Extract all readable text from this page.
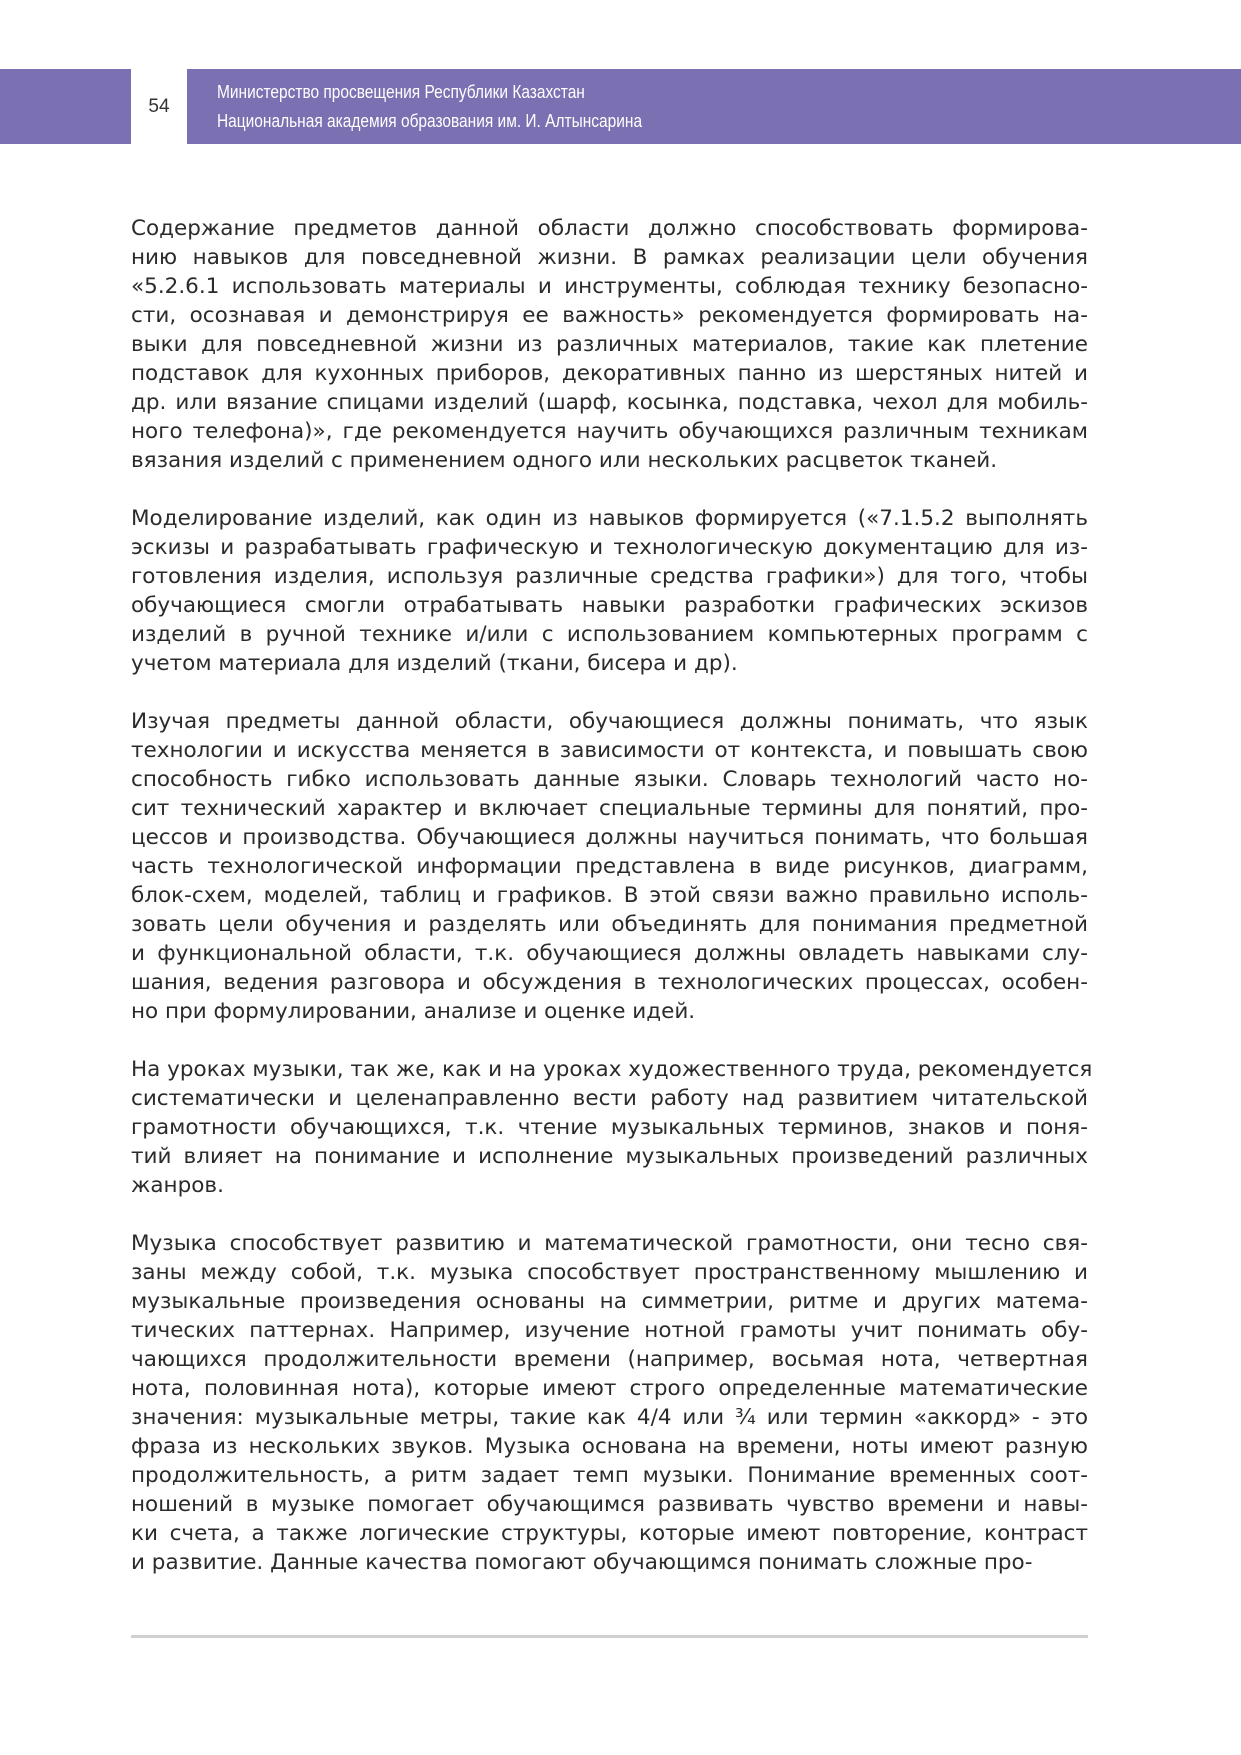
54
Министерство просвещения Республики Казахстан
Национальная академия образования им. И. Алтынсарина
Содержание предметов данной области должно способствовать формирова-
нию навыков для повседневной жизни. В рамках реализации цели обучения
«5.2.6.1 использовать материалы и инструменты, соблюдая технику безопасно-
сти, осознавая и демонстрируя ее важность» рекомендуется формировать на-
выки для повседневной жизни из различных материалов, такие как плетение
подставок для кухонных приборов, декоративных панно из шерстяных нитей и
др. или вязание спицами изделий (шарф, косынка, подставка, чехол для мобиль-
ного телефона)», где рекомендуется научить обучающихся различным техникам
вязания изделий с применением одного или нескольких расцветок тканей.
Моделирование изделий, как один из навыков формируется («7.1.5.2 выполнять
эскизы и разрабатывать графическую и технологическую документацию для из-
готовления изделия, используя различные средства графики») для того, чтобы
обучающиеся смогли отрабатывать навыки разработки графических эскизов
изделий в ручной технике и/или с использованием компьютерных программ с
учетом материала для изделий (ткани, бисера и др).
Изучая предметы данной области, обучающиеся должны понимать, что язык
технологии и искусства меняется в зависимости от контекста, и повышать свою
способность гибко использовать данные языки. Словарь технологий часто но-
сит технический характер и включает специальные термины для понятий, про-
цессов и производства. Обучающиеся должны научиться понимать, что большая
часть технологической информации представлена в виде рисунков, диаграмм,
блок-схем, моделей, таблиц и графиков. В этой связи важно правильно исполь-
зовать цели обучения и разделять или объединять для понимания предметной
и функциональной области, т.к. обучающиеся должны овладеть навыками слу-
шания, ведения разговора и обсуждения в технологических процессах, особен-
но при формулировании, анализе и оценке идей.
На уроках музыки, так же, как и на уроках художественного труда, рекомендуется
систематически и целенаправленно вести работу над развитием читательской
грамотности обучающихся, т.к. чтение музыкальных терминов, знаков и поня-
тий влияет на понимание и исполнение музыкальных произведений различных
жанров.
Музыка способствует развитию и математической грамотности, они тесно свя-
заны между собой, т.к. музыка способствует пространственному мышлению и
музыкальные произведения основаны на симметрии, ритме и других матема-
тических паттернах. Например, изучение нотной грамоты учит понимать обу-
чающихся продолжительности времени (например, восьмая нота, четвертная
нота, половинная нота), которые имеют строго определенные математические
значения: музыкальные метры, такие как 4/4 или ¾ или термин «аккорд» - это
фраза из нескольких звуков. Музыка основана на времени, ноты имеют разную
продолжительность, а ритм задает темп музыки. Понимание временных соот-
ношений в музыке помогает обучающимся развивать чувство времени и навы-
ки счета, а также логические структуры, которые имеют повторение, контраст
и развитие. Данные качества помогают обучающимся понимать сложные про-
